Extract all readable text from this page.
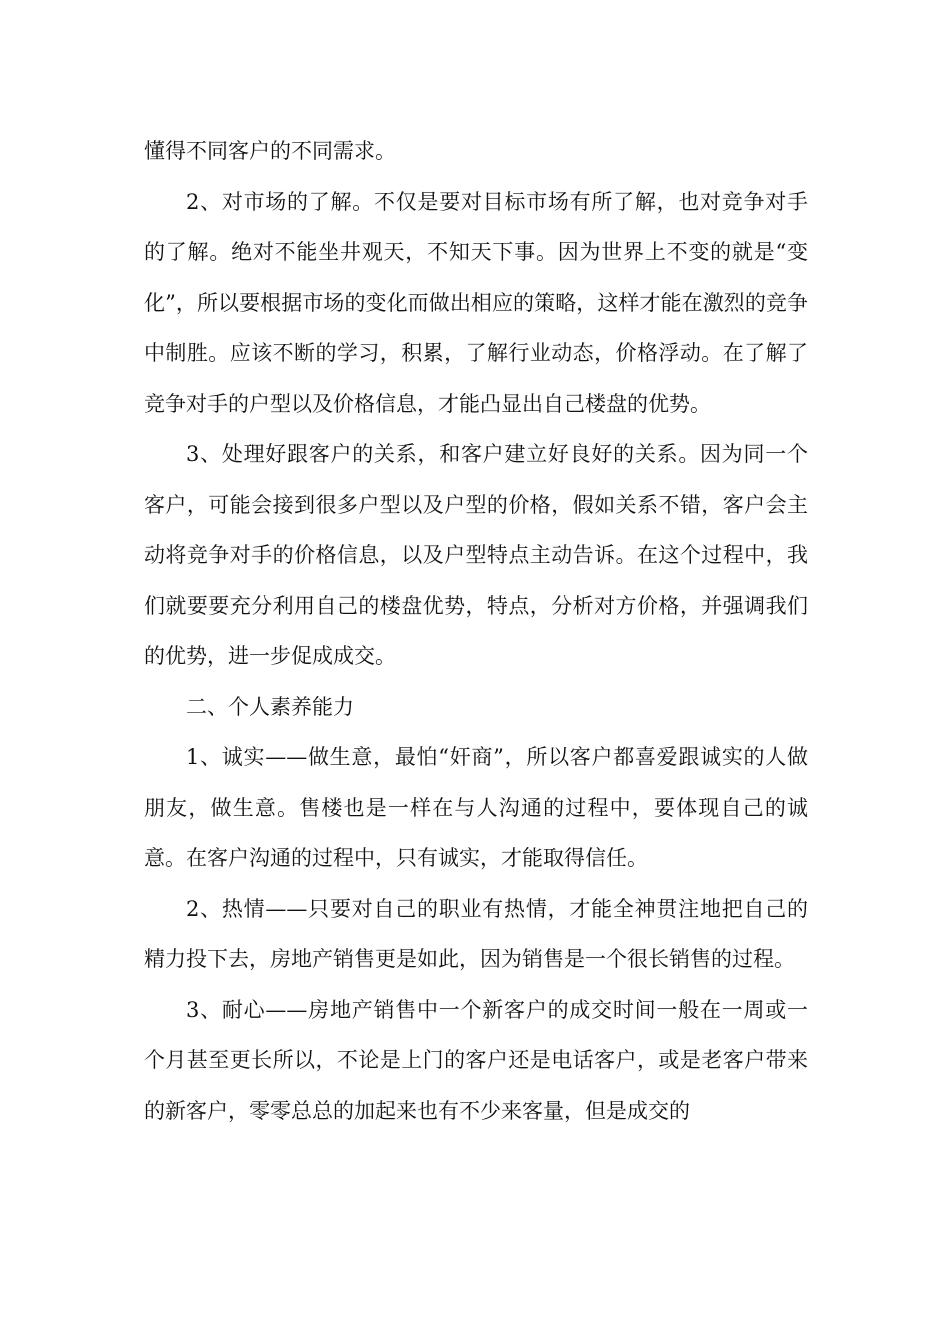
懂得不同客户的不同需求。

2、对市场的了解。不仅是要对目标市场有所了解，也对竞争对手的了解。绝对不能坐井观天，不知天下事。因为世界上不变的就是“变化”，所以要根据市场的变化而做出相应的策略，这样才能在激烈的竞争中制胜。应该不断的学习，积累，了解行业动态，价格浮动。在了解了竞争对手的户型以及价格信息，才能凸显出自己楼盘的优势。

3、处理好跟客户的关系，和客户建立好良好的关系。因为同一个客户，可能会接到很多户型以及户型的价格，假如关系不错，客户会主动将竞争对手的价格信息，以及户型特点主动告诉。在这个过程中，我们就要要充分利用自己的楼盘优势，特点，分析对方价格，并强调我们的优势，进一步促成成交。

二、个人素养能力

1、诚实——做生意，最怕“奸商”，所以客户都喜爱跟诚实的人做朋友，做生意。售楼也是一样在与人沟通的过程中，要体现自己的诚意。在客户沟通的过程中，只有诚实，才能取得信任。

2、热情——只要对自己的职业有热情，才能全神贯注地把自己的精力投下去，房地产销售更是如此，因为销售是一个很长销售的过程。

3、耐心——房地产销售中一个新客户的成交时间一般在一周或一个月甚至更长所以，不论是上门的客户还是电话客户，或是老客户带来的新客户，零零总总的加起来也有不少来客量，但是成交的
